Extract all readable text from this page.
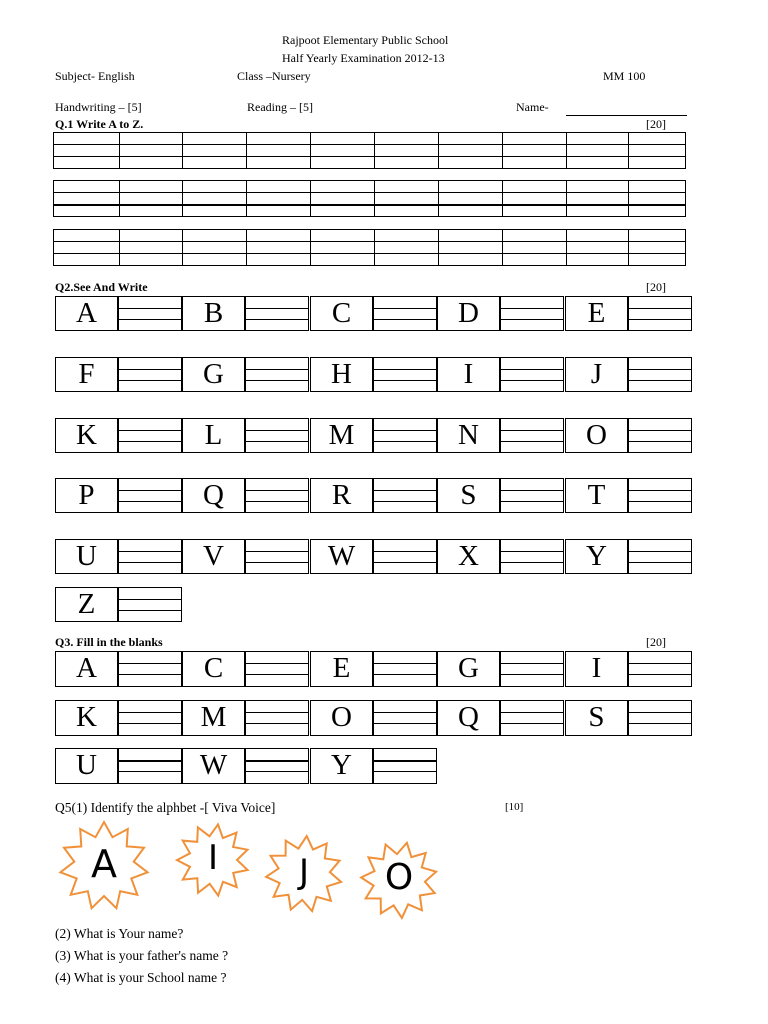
Rajpoot Elementary Public School
Half Yearly Examination 2012-13
Subject- English	Class –Nursery	MM 100
Handwriting – [5]	Reading – [5]	Name-
Q.1 Write A to Z.	[20]
Q2.See And Write	[20]
A	B	C	D	E
F	G	H	I	J
K	L	M	N	O
P	Q	R	S	T
U	V	W	X	Y
Z
Q3. Fill in the blanks	[20]
A	C	E	G	I
K	M	O	Q	S
U	W	Y
Q5(1) Identify the alphbet -[ Viva Voice]	[10]
A	I	J	O
(2) What is Your name?
(3) What is your father's name ?
(4) What is your School name ?
